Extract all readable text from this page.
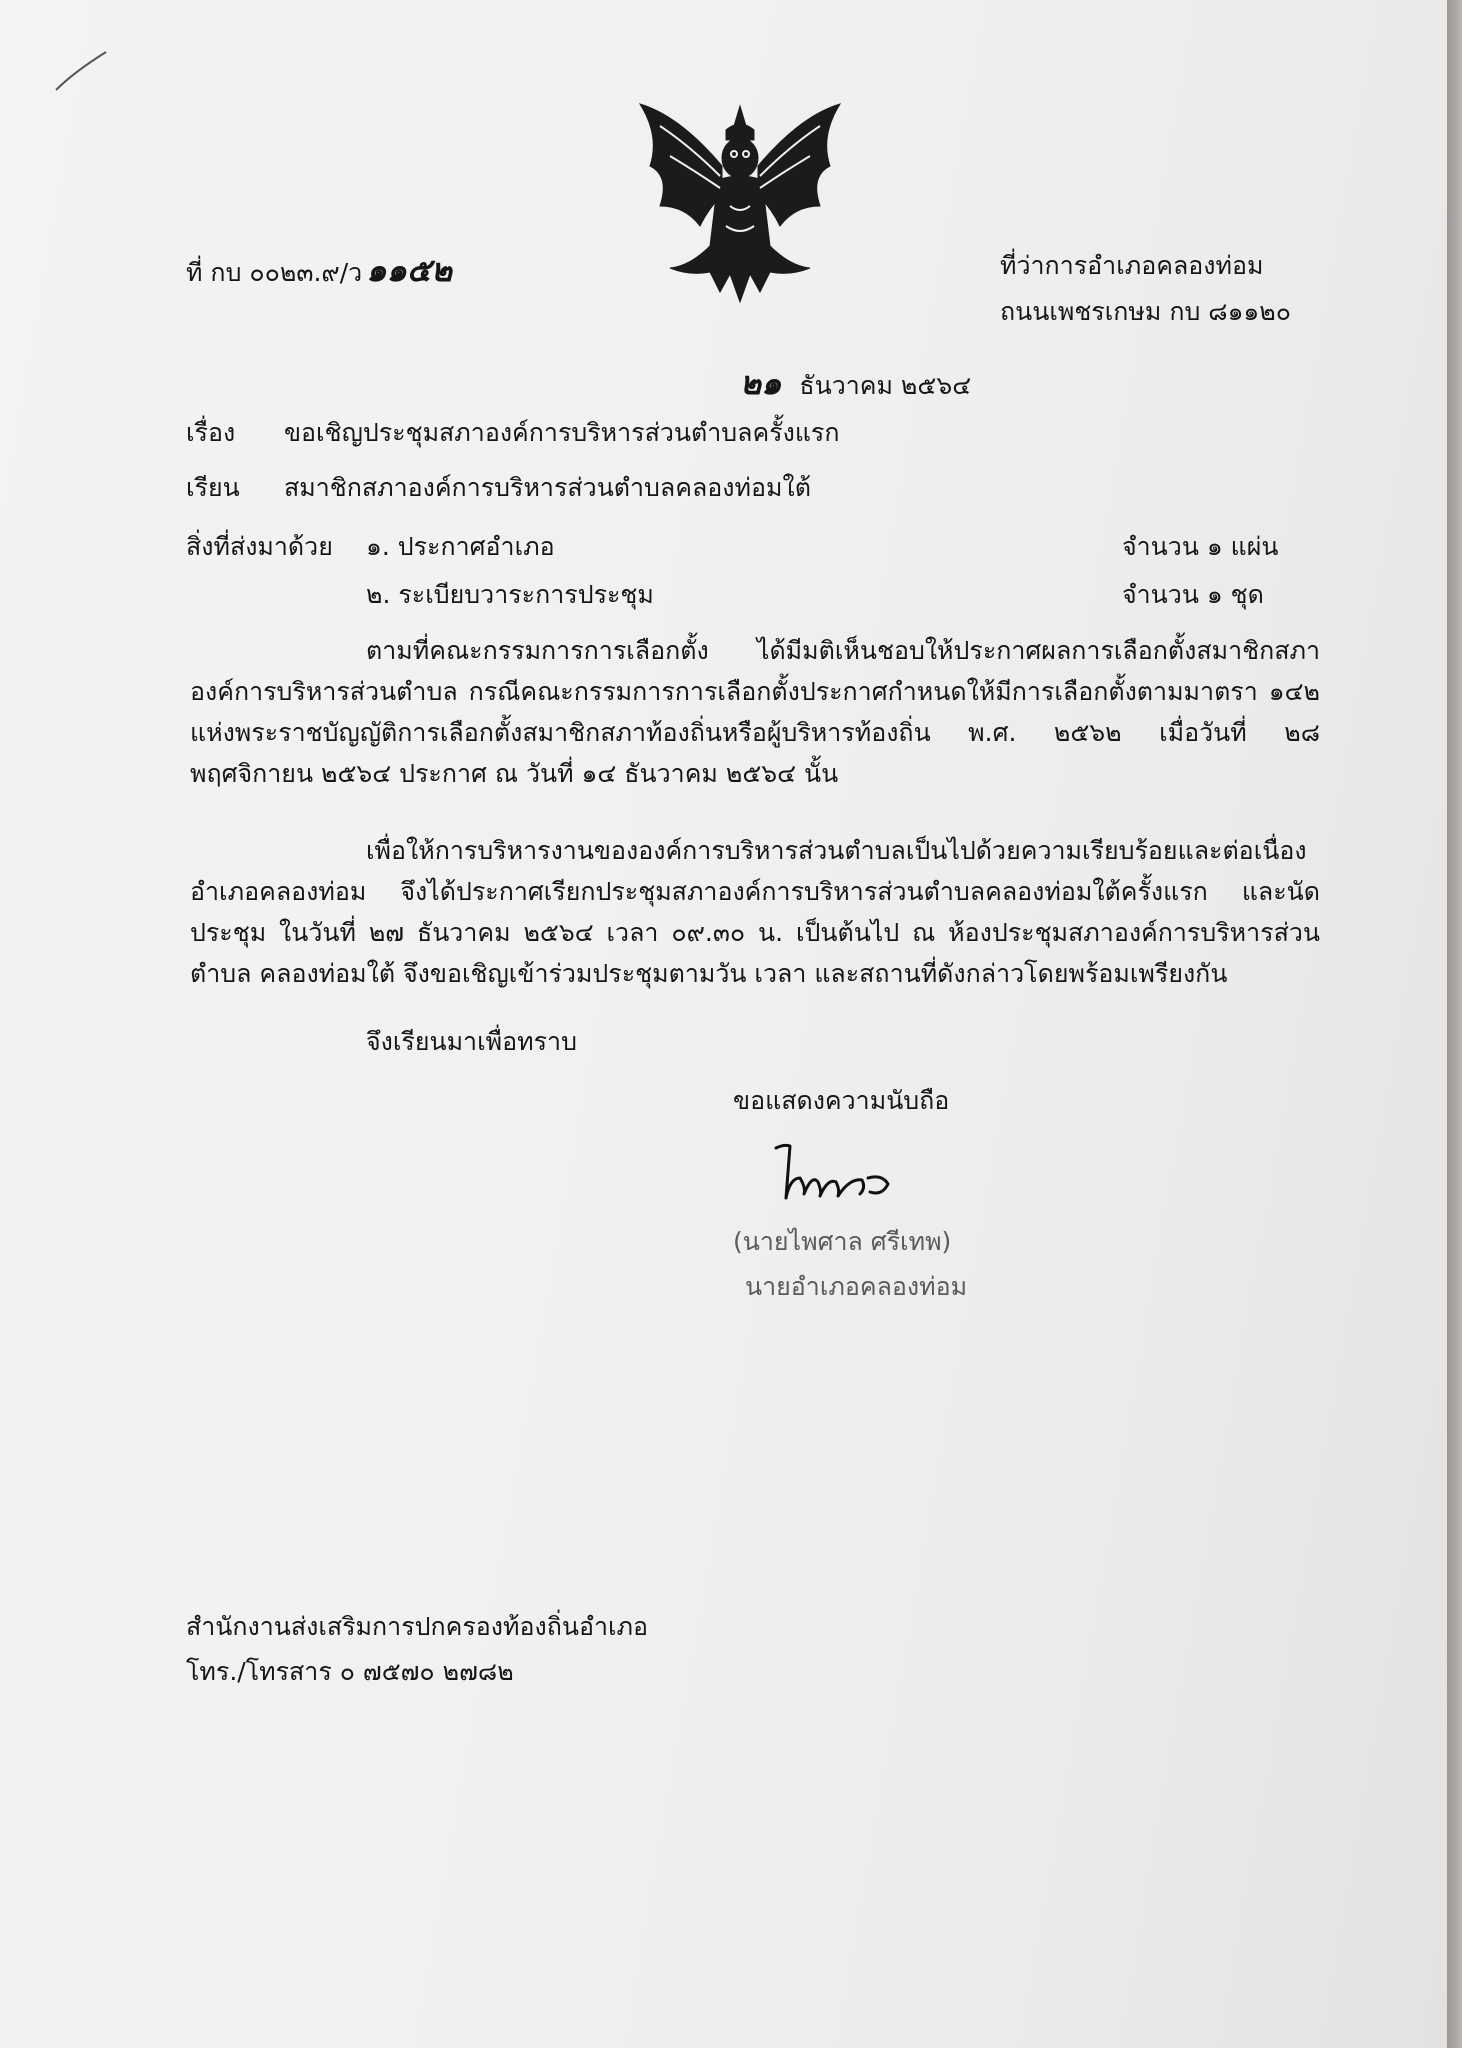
ที่ กบ ๐๐๒๓.๙/ว ๑๑๕๒	ที่ว่าการอำเภอคลองท่อม
ถนนเพชรเกษม กบ ๘๑๑๒๐
๒๑ ธันวาคม ๒๕๖๔
เรื่อง ขอเชิญประชุมสภาองค์การบริหารส่วนตำบลครั้งแรก
เรียน สมาชิกสภาองค์การบริหารส่วนตำบลคลองท่อมใต้
สิ่งที่ส่งมาด้วย ๑. ประกาศอำเภอ	จำนวน ๑ แผ่น
๒. ระเบียบวาระการประชุม	จำนวน ๑ ชุด

ตามที่คณะกรรมการการเลือกตั้ง ได้มีมติเห็นชอบให้ประกาศผลการเลือกตั้งสมาชิกสภา องค์การบริหารส่วนตำบล กรณีคณะกรรมการการเลือกตั้งประกาศกำหนดให้มีการเลือกตั้งตามมาตรา ๑๔๒ แห่งพระราชบัญญัติการเลือกตั้งสมาชิกสภาท้องถิ่นหรือผู้บริหารท้องถิ่น พ.ศ. ๒๕๖๒ เมื่อวันที่ ๒๘ พฤศจิกายน ๒๕๖๔ ประกาศ ณ วันที่ ๑๔ ธันวาคม ๒๕๖๔ นั้น

เพื่อให้การบริหารงานขององค์การบริหารส่วนตำบลเป็นไปด้วยความเรียบร้อยและต่อเนื่อง อำเภอคลองท่อม จึงได้ประกาศเรียกประชุมสภาองค์การบริหารส่วนตำบลคลองท่อมใต้ครั้งแรก และนัดประชุม ในวันที่ ๒๗ ธันวาคม ๒๕๖๔ เวลา ๐๙.๓๐ น. เป็นต้นไป ณ ห้องประชุมสภาองค์การบริหารส่วนตำบล คลองท่อมใต้ จึงขอเชิญเข้าร่วมประชุมตามวัน เวลา และสถานที่ดังกล่าวโดยพร้อมเพรียงกัน

จึงเรียนมาเพื่อทราบ
ขอแสดงความนับถือ
(นายไพศาล ศรีเทพ)
นายอำเภอคลองท่อม
สำนักงานส่งเสริมการปกครองท้องถิ่นอำเภอ
โทร./โทรสาร ๐ ๗๕๗๐ ๒๗๘๒
